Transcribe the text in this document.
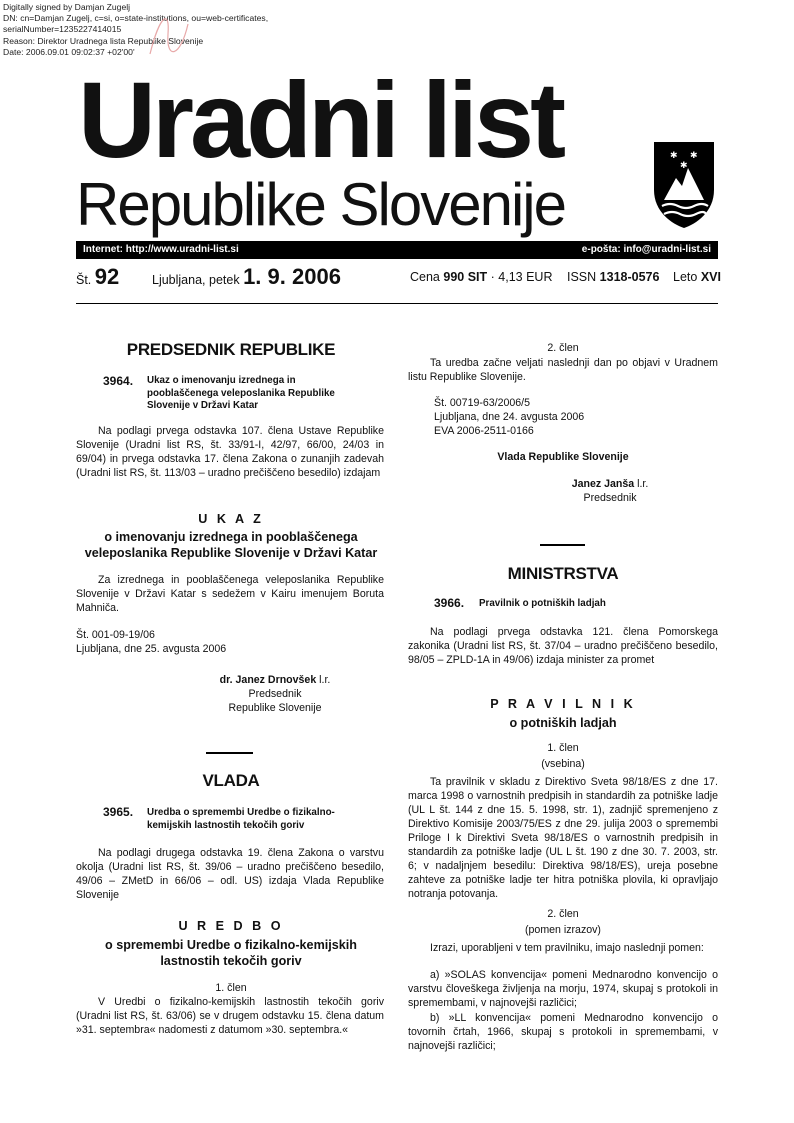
Digitally signed by Damjan Zugelj
DN: cn=Damjan Zugelj, c=si, o=state-institutions, ou=web-certificates,
serialNumber=1235227414015
Reason: Direktor Uradnega lista Republike Slovenije
Date: 2006.09.01 09:02:37 +02'00'
Uradni list
Republike Slovenije
✱ ✱
✱
Internet: http://www.uradni-list.si	e-pošta: info@uradni-list.si
Št. 92	Ljubljana, petek 1. 9. 2006	Cena 990 SIT · 4,13 EUR ISSN 1318-0576 Leto XVI
PREDSEDNIK REPUBLIKE
3964. Ukaz o imenovanju izrednega in pooblaščenega veleposlanika Republike Slovenije v Državi Katar
Na podlagi prvega odstavka 107. člena Ustave Republike Slovenije (Uradni list RS, št. 33/91-I, 42/97, 66/00, 24/03 in 69/04) in prvega odstavka 17. člena Zakona o zunanjih zadevah (Uradni list RS, št. 113/03 – uradno prečiščeno besedilo) izdajam
U K A Z
o imenovanju izrednega in pooblaščenega veleposlanika Republike Slovenije v Državi Katar
Za izrednega in pooblaščenega veleposlanika Republike Slovenije v Državi Katar s sedežem v Kairu imenujem Boruta Mahniča.
Št. 001-09-19/06
Ljubljana, dne 25. avgusta 2006
dr. Janez Drnovšek l.r.
Predsednik
Republike Slovenije
VLADA
3965. Uredba o spremembi Uredbe o fizikalno-kemijskih lastnostih tekočih goriv
Na podlagi drugega odstavka 19. člena Zakona o varstvu okolja (Uradni list RS, št. 39/06 – uradno prečiščeno besedilo, 49/06 – ZMetD in 66/06 – odl. US) izdaja Vlada Republike Slovenije
U R E D B O
o spremembi Uredbe o fizikalno-kemijskih lastnostih tekočih goriv
1. člen
V Uredbi o fizikalno-kemijskih lastnostih tekočih goriv (Uradni list RS, št. 63/06) se v drugem odstavku 15. člena datum »31. septembra« nadomesti z datumom »30. septembra.«
2. člen
Ta uredba začne veljati naslednji dan po objavi v Uradnem listu Republike Slovenije.
Št. 00719-63/2006/5
Ljubljana, dne 24. avgusta 2006
EVA 2006-2511-0166
Vlada Republike Slovenije
Janez Janša l.r.
Predsednik
MINISTRSTVA
3966. Pravilnik o potniških ladjah
Na podlagi prvega odstavka 121. člena Pomorskega zakonika (Uradni list RS, št. 37/04 – uradno prečiščeno besedilo, 98/05 – ZPLD-1A in 49/06) izdaja minister za promet
P R A V I L N I K
o potniških ladjah
1. člen
(vsebina)
Ta pravilnik v skladu z Direktivo Sveta 98/18/ES z dne 17. marca 1998 o varnostnih predpisih in standardih za potniške ladje (UL L št. 144 z dne 15. 5. 1998, str. 1), zadnjič spremenjeno z Direktivo Komisije 2003/75/ES z dne 29. julija 2003 o spremembi Priloge I k Direktivi Sveta 98/18/ES o varnostnih predpisih in standardih za potniške ladje (UL L št. 190 z dne 30. 7. 2003, str. 6; v nadaljnjem besedilu: Direktiva 98/18/ES), ureja posebne zahteve za potniške ladje ter hitra potniška plovila, ki opravljajo notranja potovanja.
2. člen
(pomen izrazov)
Izrazi, uporabljeni v tem pravilniku, imajo naslednji pomen:
a) »SOLAS konvencija« pomeni Mednarodno konvencijo o varstvu človeškega življenja na morju, 1974, skupaj s protokoli in spremembami, v najnovejši različici;
b) »LL konvencija« pomeni Mednarodno konvencijo o tovornih črtah, 1966, skupaj s protokoli in spremembami, v najnovejši različici;
